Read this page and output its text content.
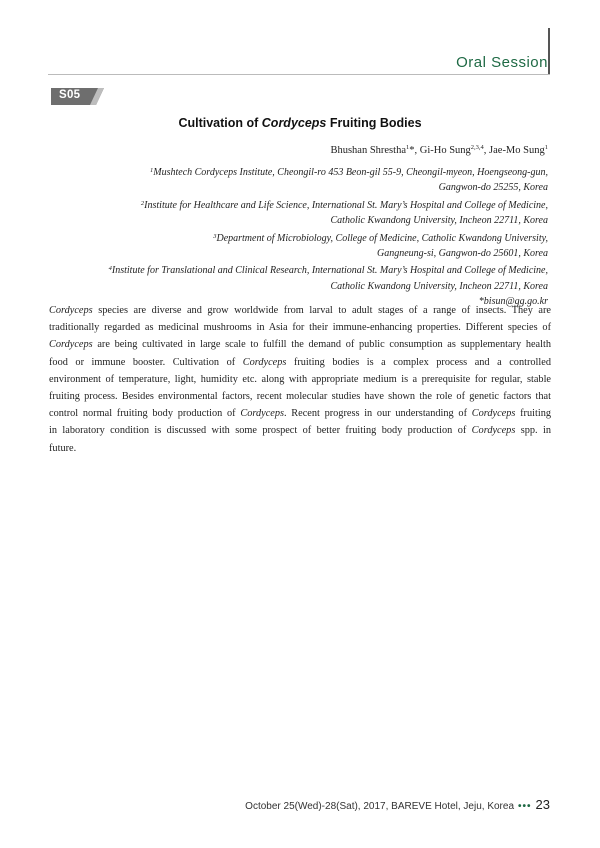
Oral Session
S05
Cultivation of Cordyceps Fruiting Bodies
Bhushan Shrestha$^1$*, Gi-Ho Sung$^{2,3,4}$, Jae-Mo Sung$^1$
$^1$Mushtech Cordyceps Institute, Cheongil-ro 453 Beon-gil 55-9, Cheongil-myeon, Hoengseong-gun,
Gangwon-do 25255, Korea
$^2$Institute for Healthcare and Life Science, International St. Mary’s Hospital and College of Medicine,
Catholic Kwandong University, Incheon 22711, Korea
$^3$Department of Microbiology, College of Medicine, Catholic Kwandong University,
Gangneung-si, Gangwon-do 25601, Korea
$^4$Institute for Translational and Clinical Research, International St. Mary’s Hospital and College of Medicine,
Catholic Kwandong University, Incheon 22711, Korea
*bisun@gg.go.kr
Cordyceps species are diverse and grow worldwide from larval to adult stages of a range of insects. They are
traditionally regarded as medicinal mushrooms in Asia for their immune-enhancing properties. Different species of
Cordyceps are being cultivated in large scale to fulfill the demand of public consumption as supplementary health
food or immune booster. Cultivation of Cordyceps fruiting bodies is a complex process and a controlled
environment of temperature, light, humidity etc. along with appropriate medium is a prerequisite for regular, stable
fruiting process. Besides environmental factors, recent molecular studies have shown the role of genetic factors that
control normal fruiting body production of Cordyceps. Recent progress in our understanding of Cordyceps fruiting
in laboratory condition is discussed with some prospect of better fruiting body production of Cordyceps spp. in
future.
October 25(Wed)-28(Sat), 2017, BAREVE Hotel, Jeju, Korea ••• 23
